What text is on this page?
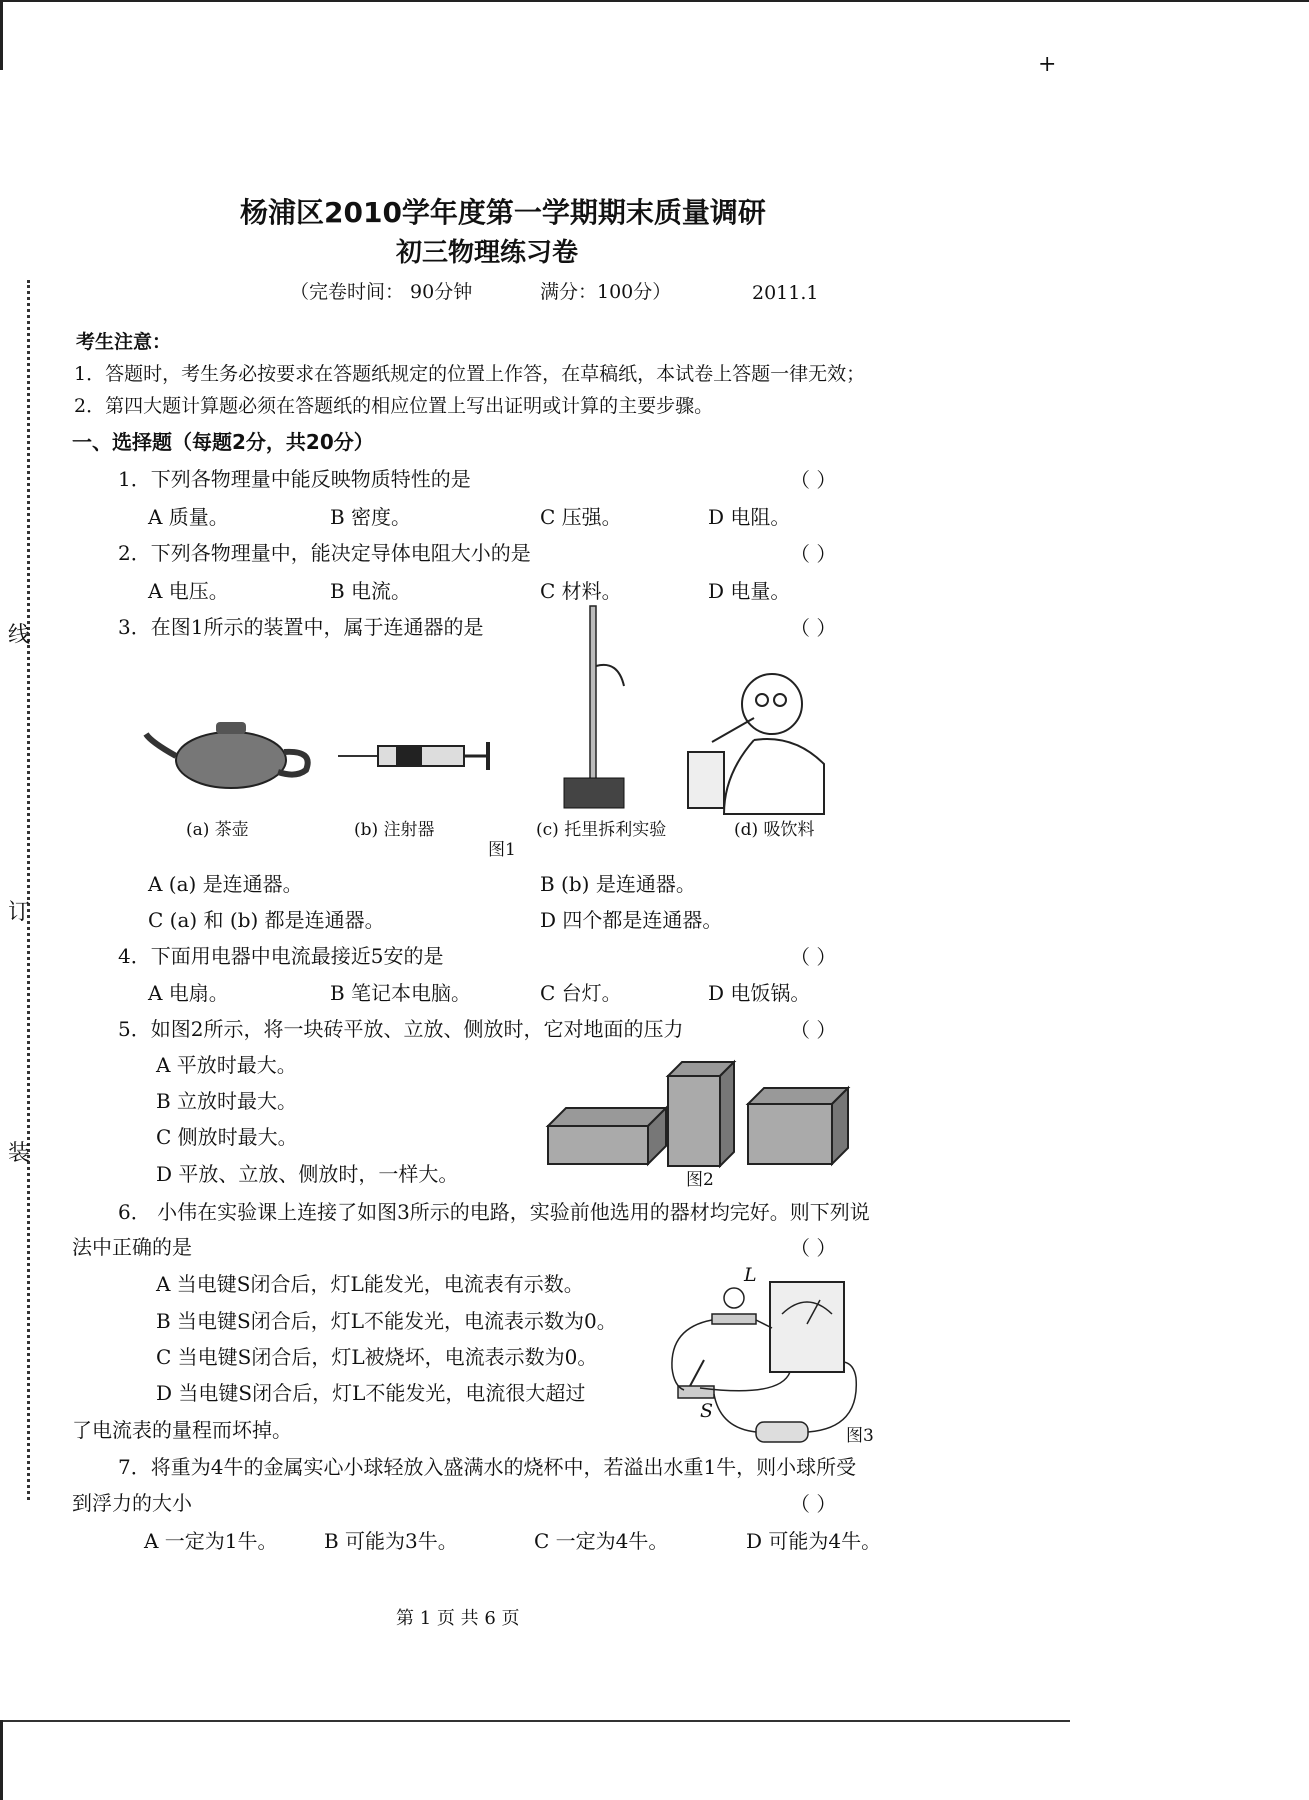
+
线
订
装
杨浦区2010学年度第一学期期末质量调研
初三物理练习卷
（完卷时间： 90分钟	满分：100分）	2011.1
考生注意：
1．答题时，考生务必按要求在答题纸规定的位置上作答，在草稿纸，本试卷上答题一律无效；
2．第四大题计算题必须在答题纸的相应位置上写出证明或计算的主要步骤。
一、选择题（每题2分，共20分）
1．下列各物理量中能反映物质特性的是	（ ）
A 质量。	B 密度。	C 压强。	D 电阻。
2．下列各物理量中，能决定导体电阻大小的是	（ ）
A 电压。	B 电流。	C 材料。	D 电量。
3．在图1所示的装置中，属于连通器的是	（ ）
(a) 茶壶	(b) 注射器	(c) 托里拆利实验	(d) 吸饮料
图1
A (a) 是连通器。	B (b) 是连通器。
C (a) 和 (b) 都是连通器。	D 四个都是连通器。
4．下面用电器中电流最接近5安的是	（ ）
A 电扇。	B 笔记本电脑。	C 台灯。	D 电饭锅。
5．如图2所示，将一块砖平放、立放、侧放时，它对地面的压力	（ ）
A 平放时最大。
B 立放时最大。
C 侧放时最大。
D 平放、立放、侧放时，一样大。	图2
6． 小伟在实验课上连接了如图3所示的电路，实验前他选用的器材均完好。则下列说
法中正确的是	（ ）
A 当电键S闭合后，灯L能发光，电流表有示数。
B 当电键S闭合后，灯L不能发光，电流表示数为0。
C 当电键S闭合后，灯L被烧坏，电流表示数为0。
D 当电键S闭合后，灯L不能发光，电流很大超过
了电流表的量程而坏掉。
L
S
图3
7．将重为4牛的金属实心小球轻放入盛满水的烧杯中，若溢出水重1牛，则小球所受
到浮力的大小	（ ）
A 一定为1牛。 B 可能为3牛。	C 一定为4牛。	D 可能为4牛。
第 1 页 共 6 页
